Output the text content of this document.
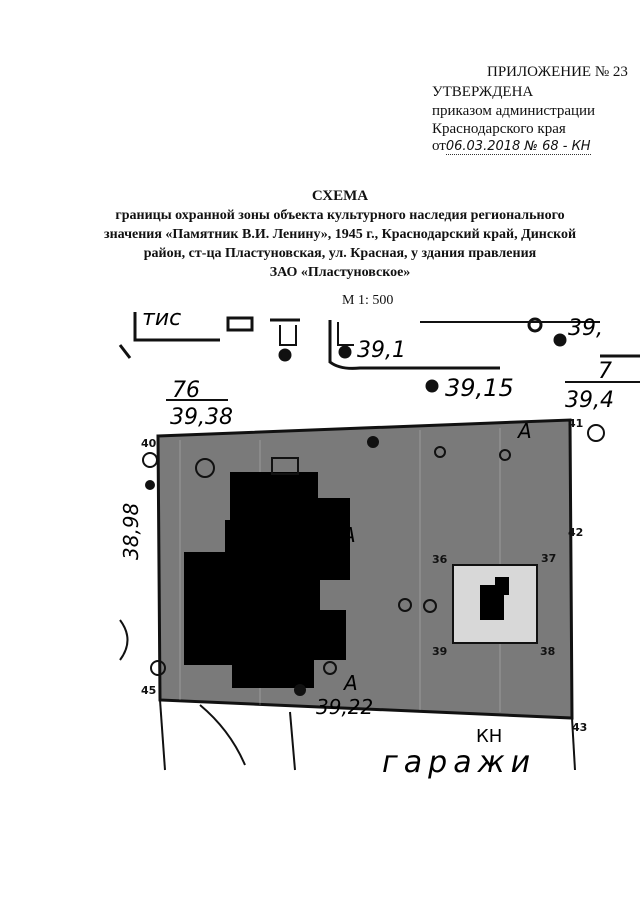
ПРИЛОЖЕНИЕ № 23
УТВЕРЖДЕНА
приказом администрации
Краснодарского края
от06.03.2018 № 68 - КН
СХЕМА
границы охранной зоны объекта культурного наследия регионального
значения «Памятник В.И. Ленину», 1945 г., Краснодарский край, Динской
район, ст-ца Пластуновская, ул. Красная, у здания правления
ЗАО «Пластуновское»
М 1: 500
тис
39,1
39,
76
39,38
39,15
7
39,4
40
41
42
43
45
36	37
38
39
А
А
А
39,22
38,98
КН
гаражи
